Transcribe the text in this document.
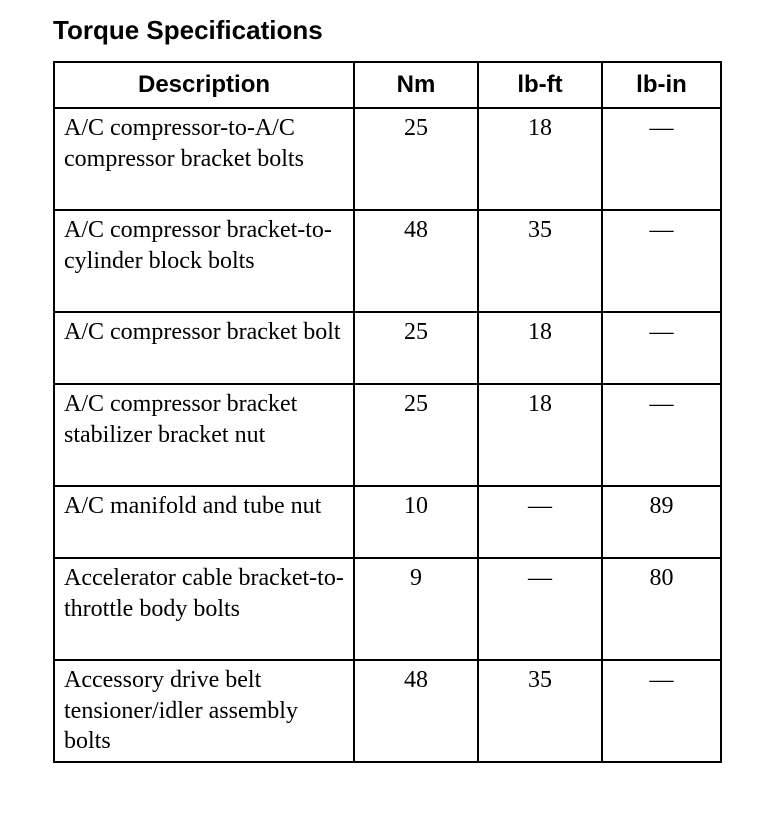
Torque Specifications
Description	Nm	lb-ft	lb-in
A/C compressor-to-A/C compressor bracket bolts	25	18	—
A/C compressor bracket-to-cylinder block bolts	48	35	—
A/C compressor bracket bolt	25	18	—
A/C compressor bracket stabilizer bracket nut	25	18	—
A/C manifold and tube nut	10	—	89
Accelerator cable bracket-to-throttle body bolts	9	—	80
Accessory drive belt tensioner/idler assembly bolts	48	35	—
